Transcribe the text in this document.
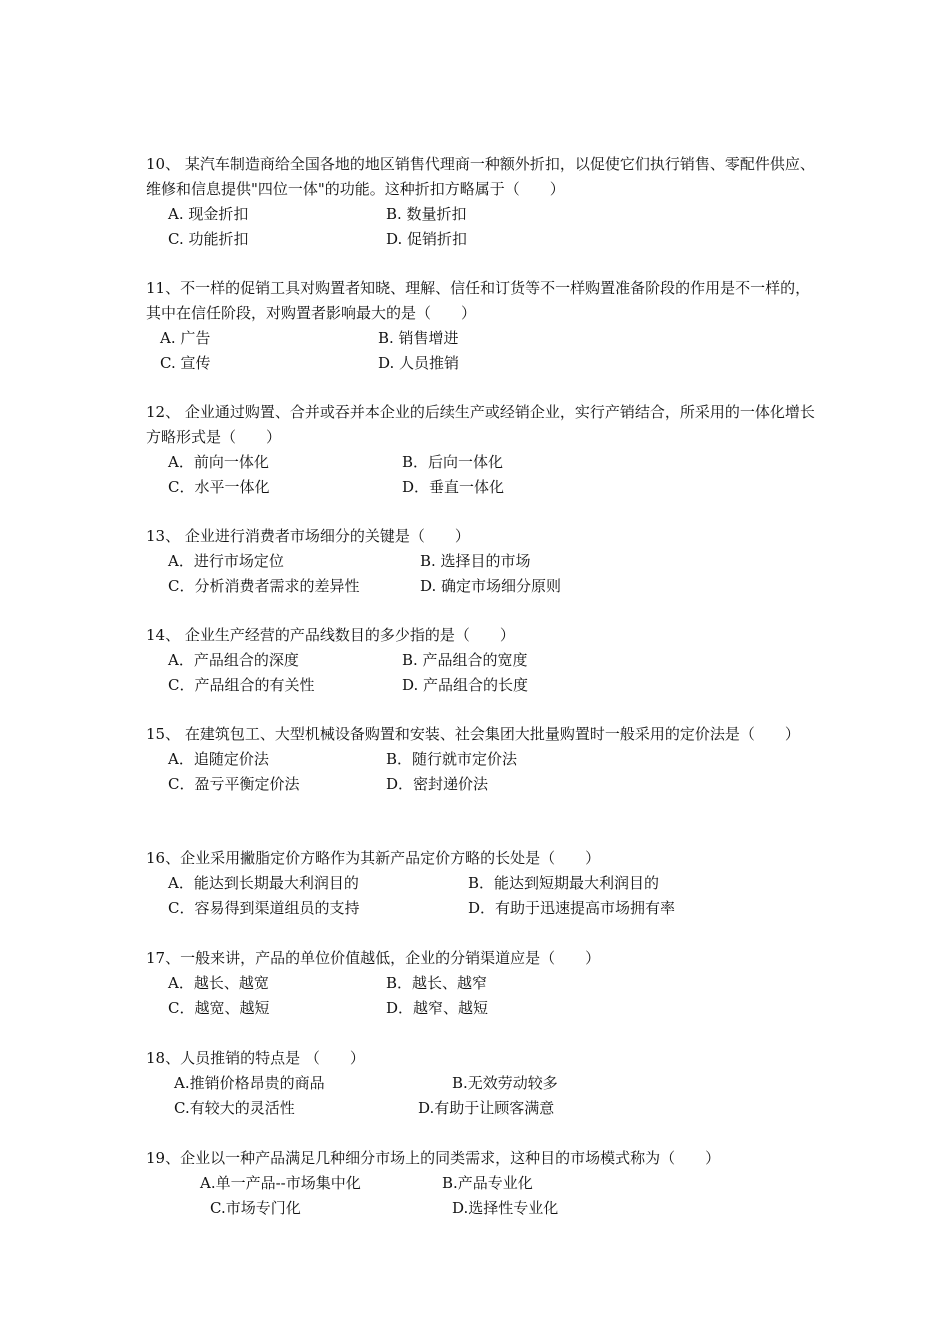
10、 某汽车制造商给全国各地的地区销售代理商一种额外折扣，以促使它们执行销售、零配件供应、维修和信息提供"四位一体"的功能。这种折扣方略属于（　　）

A. 现金折扣	B. 数量折扣
C. 功能折扣	D. 促销折扣

11、不一样的促销工具对购置者知晓、理解、信任和订货等不一样购置准备阶段的作用是不一样的，其中在信任阶段，对购置者影响最大的是（　　）

A. 广告	B. 销售增进
C. 宣传	D. 人员推销

12、 企业通过购置、合并或吞并本企业的后续生产或经销企业，实行产销结合，所采用的一体化增长方略形式是（　　）

A．前向一体化	B．后向一体化
C．水平一体化	D．垂直一体化

13、 企业进行消费者市场细分的关键是（　　）

A．进行市场定位	B. 选择目的市场
C．分析消费者需求的差异性	D. 确定市场细分原则

14、 企业生产经营的产品线数目的多少指的是（　　）

A．产品组合的深度	B. 产品组合的宽度
C．产品组合的有关性	D. 产品组合的长度

15、 在建筑包工、大型机械设备购置和安装、社会集团大批量购置时一般采用的定价法是（　　）

A．追随定价法	B．随行就市定价法
C．盈亏平衡定价法	D．密封递价法

16、企业采用撇脂定价方略作为其新产品定价方略的长处是（　　）

A．能达到长期最大利润目的	B．能达到短期最大利润目的
C．容易得到渠道组员的支持	D．有助于迅速提高市场拥有率

17、一般来讲，产品的单位价值越低，企业的分销渠道应是（　　）

A．越长、越宽	B．越长、越窄
C．越宽、越短	D．越窄、越短

18、人员推销的特点是 （　　）

A.推销价格昂贵的商品	B.无效劳动较多
C.有较大的灵活性	D.有助于让顾客满意

19、企业以一种产品满足几种细分市场上的同类需求，这种目的市场模式称为（　　）

A.单一产品--市场集中化	B.产品专业化
C.市场专门化	D.选择性专业化
